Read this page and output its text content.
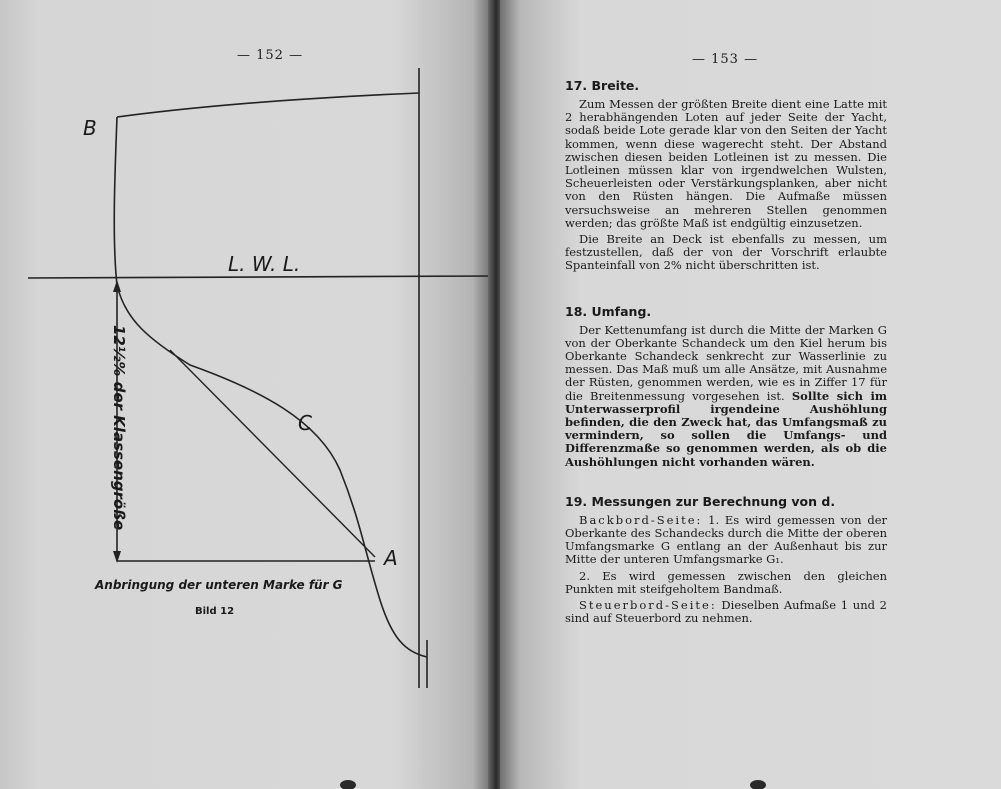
— 152 —
B
L. W. L.
C
A
12½% der Klassengröße
Anbringung der unteren Marke für G
Bild 12
— 153 —
17. Breite.

Zum Messen der größten Breite dient eine Latte mit 2 herabhängenden Loten auf jeder Seite der Yacht, sodaß beide Lote gerade klar von den Seiten der Yacht kommen, wenn diese wagerecht steht. Der Abstand zwischen diesen beiden Lotleinen ist zu messen. Die Lotleinen müssen klar von irgendwelchen Wulsten, Scheuerleisten oder Verstärkungsplanken, aber nicht von den Rüsten hängen. Die Aufmaße müssen versuchsweise an mehreren Stellen genommen werden; das größte Maß ist endgültig einzusetzen.

Die Breite an Deck ist ebenfalls zu messen, um festzustellen, daß der von der Vorschrift erlaubte Spanteinfall von 2% nicht überschritten ist.

18. Umfang.

Der Kettenumfang ist durch die Mitte der Marken G von der Oberkante Schandeck um den Kiel herum bis Oberkante Schandeck senkrecht zur Wasserlinie zu messen. Das Maß muß um alle Ansätze, mit Ausnahme der Rüsten, genommen werden, wie es in Ziffer 17 für die Breitenmessung vorgesehen ist. Sollte sich im Unterwasserprofil irgendeine Aushöhlung befinden, die den Zweck hat, das Umfangsmaß zu vermindern, so sollen die Umfangs- und Differenzmaße so genommen werden, als ob die Aushöhlungen nicht vorhanden wären.

19. Messungen zur Berechnung von d.

Backbord-Seite: 1. Es wird gemessen von der Oberkante des Schandecks durch die Mitte der oberen Umfangsmarke G entlang an der Außenhaut bis zur Mitte der unteren Umfangsmarke G₁.

2. Es wird gemessen zwischen den gleichen Punkten mit steifgeholtem Bandmaß.

Steuerbord-Seite: Dieselben Aufmaße 1 und 2 sind auf Steuerbord zu nehmen.
